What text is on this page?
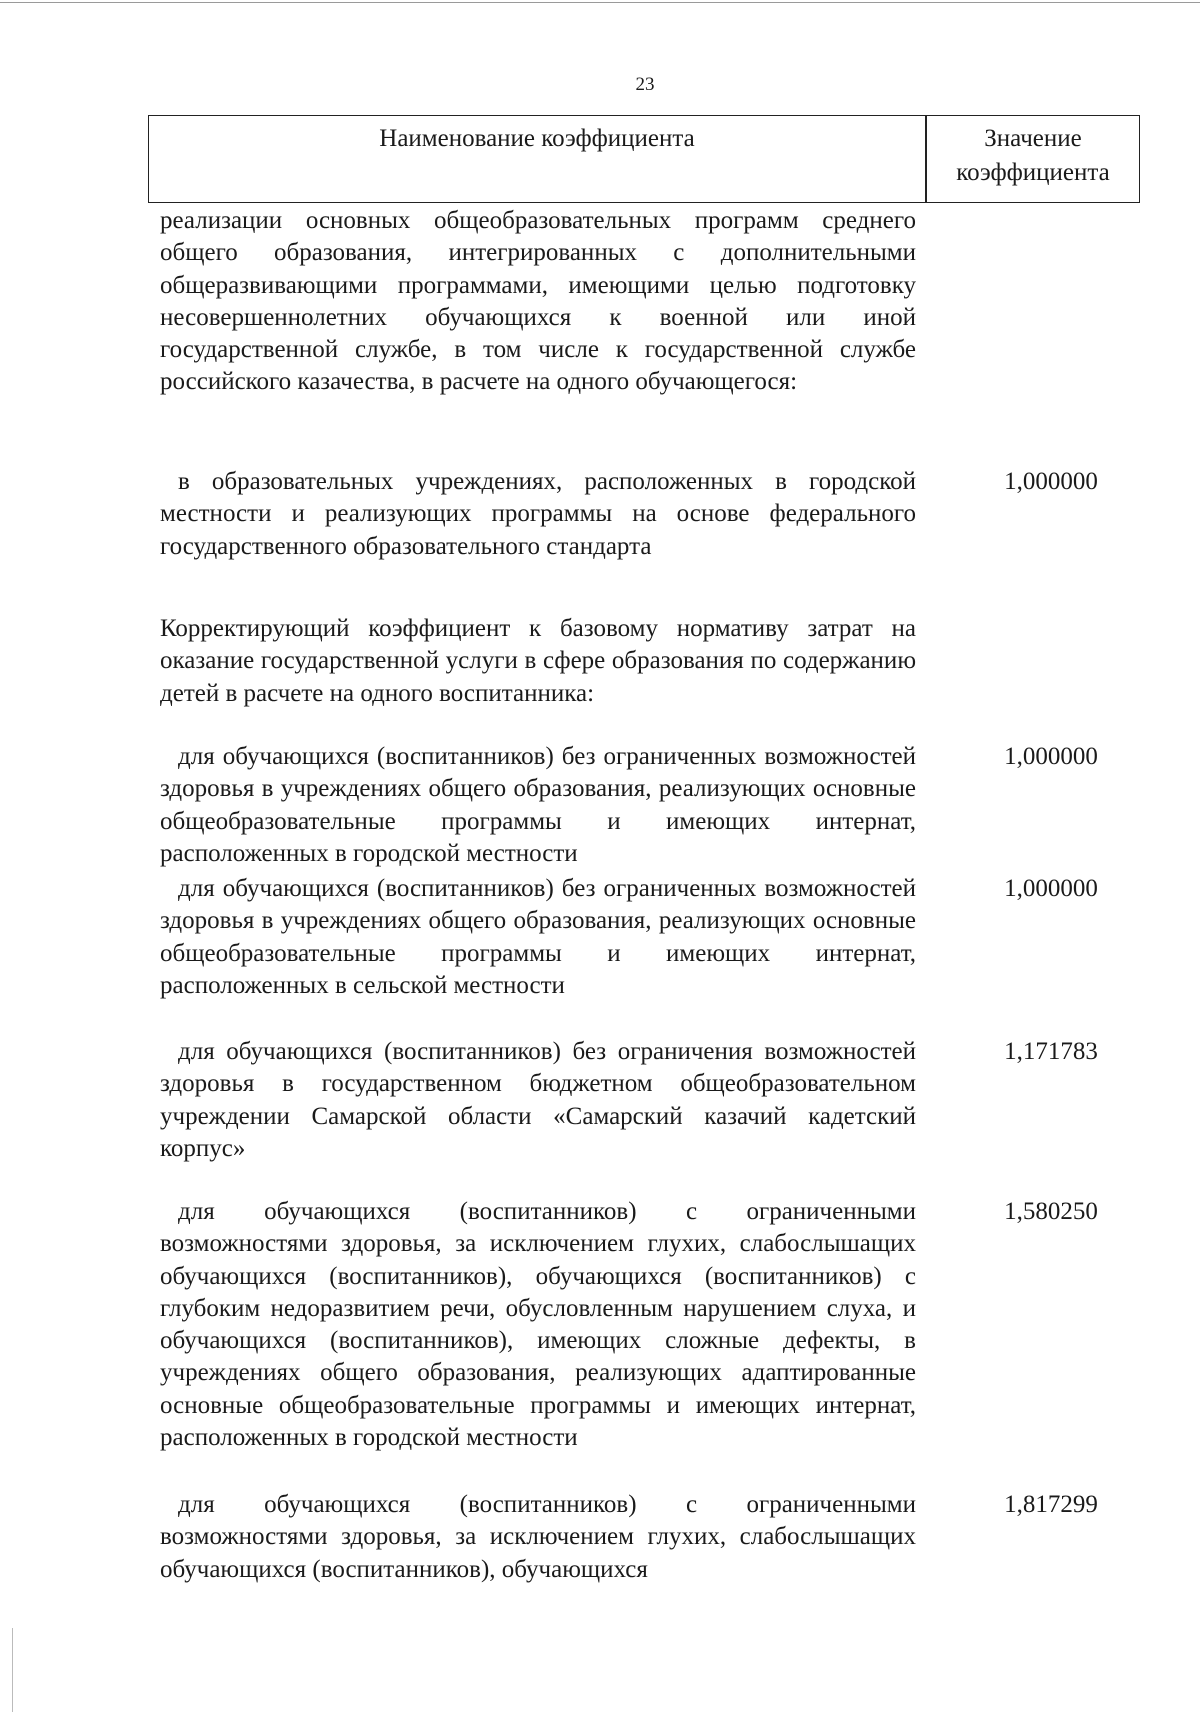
23
Наименование коэффициента	Значение
коэффициента
реализации основных общеобразовательных программ среднего общего образования, интегрированных с дополнительными общеразвивающими программами, имеющими целью подготовку несовершеннолетних обучающихся к военной или иной государственной службе, в том числе к государственной службе российского казачества, в расчете на одного обучающегося:
в образовательных учреждениях, расположенных в городской местности и реализующих программы на основе федерального государственного образовательного стандарта
1,000000
Корректирующий коэффициент к базовому нормативу затрат на оказание государственной услуги в сфере образования по содержанию детей в расчете на одного воспитанника:
для обучающихся (воспитанников) без ограниченных возможностей здоровья в учреждениях общего образования, реализующих основные общеобразовательные программы и имеющих интернат, расположенных в городской местности
1,000000
для обучающихся (воспитанников) без ограниченных возможностей здоровья в учреждениях общего образования, реализующих основные общеобразовательные программы и имеющих интернат, расположенных в сельской местности
1,000000
для обучающихся (воспитанников) без ограничения возможностей здоровья в государственном бюджетном общеобразовательном учреждении Самарской области «Самарский казачий кадетский корпус»
1,171783
для обучающихся (воспитанников) с ограниченными возможностями здоровья, за исключением глухих, слабослышащих обучающихся (воспитанников), обучающихся (воспитанников) с глубоким недоразвитием речи, обусловленным нарушением слуха, и обучающихся (воспитанников), имеющих сложные дефекты, в учреждениях общего образования, реализующих адаптированные основные общеобразовательные программы и имеющих интернат, расположенных в городской местности
1,580250
для обучающихся (воспитанников) с ограниченными возможностями здоровья, за исключением глухих, слабослышащих обучающихся (воспитанников), обучающихся
1,817299
